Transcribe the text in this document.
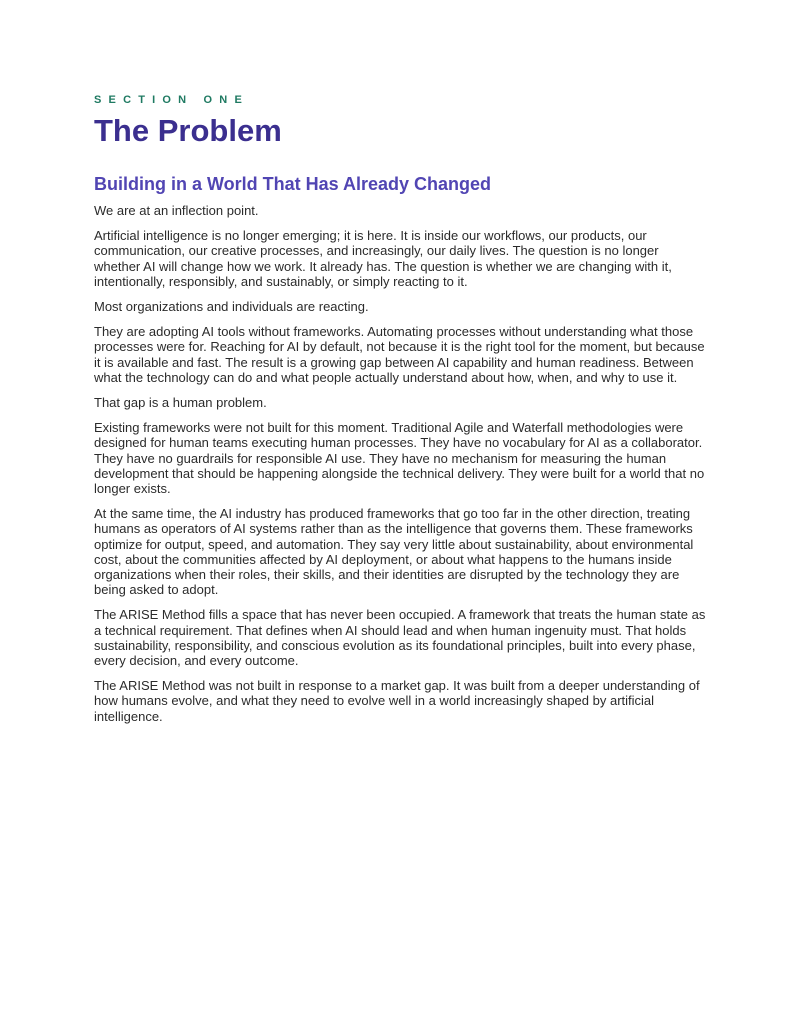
SECTION ONE
The Problem
Building in a World That Has Already Changed

We are at an inflection point.

Artificial intelligence is no longer emerging; it is here. It is inside our workflows, our products, our communication, our creative processes, and increasingly, our daily lives. The question is no longer whether AI will change how we work. It already has. The question is whether we are changing with it, intentionally, responsibly, and sustainably, or simply reacting to it.

Most organizations and individuals are reacting.

They are adopting AI tools without frameworks. Automating processes without understanding what those processes were for. Reaching for AI by default, not because it is the right tool for the moment, but because it is available and fast. The result is a growing gap between AI capability and human readiness. Between what the technology can do and what people actually understand about how, when, and why to use it.

That gap is a human problem.

Existing frameworks were not built for this moment. Traditional Agile and Waterfall methodologies were designed for human teams executing human processes. They have no vocabulary for AI as a collaborator. They have no guardrails for responsible AI use. They have no mechanism for measuring the human development that should be happening alongside the technical delivery. They were built for a world that no longer exists.

At the same time, the AI industry has produced frameworks that go too far in the other direction, treating humans as operators of AI systems rather than as the intelligence that governs them. These frameworks optimize for output, speed, and automation. They say very little about sustainability, about environmental cost, about the communities affected by AI deployment, or about what happens to the humans inside organizations when their roles, their skills, and their identities are disrupted by the technology they are being asked to adopt.

The ARISE Method fills a space that has never been occupied. A framework that treats the human state as a technical requirement. That defines when AI should lead and when human ingenuity must. That holds sustainability, responsibility, and conscious evolution as its foundational principles, built into every phase, every decision, and every outcome.

The ARISE Method was not built in response to a market gap. It was built from a deeper understanding of how humans evolve, and what they need to evolve well in a world increasingly shaped by artificial intelligence.
